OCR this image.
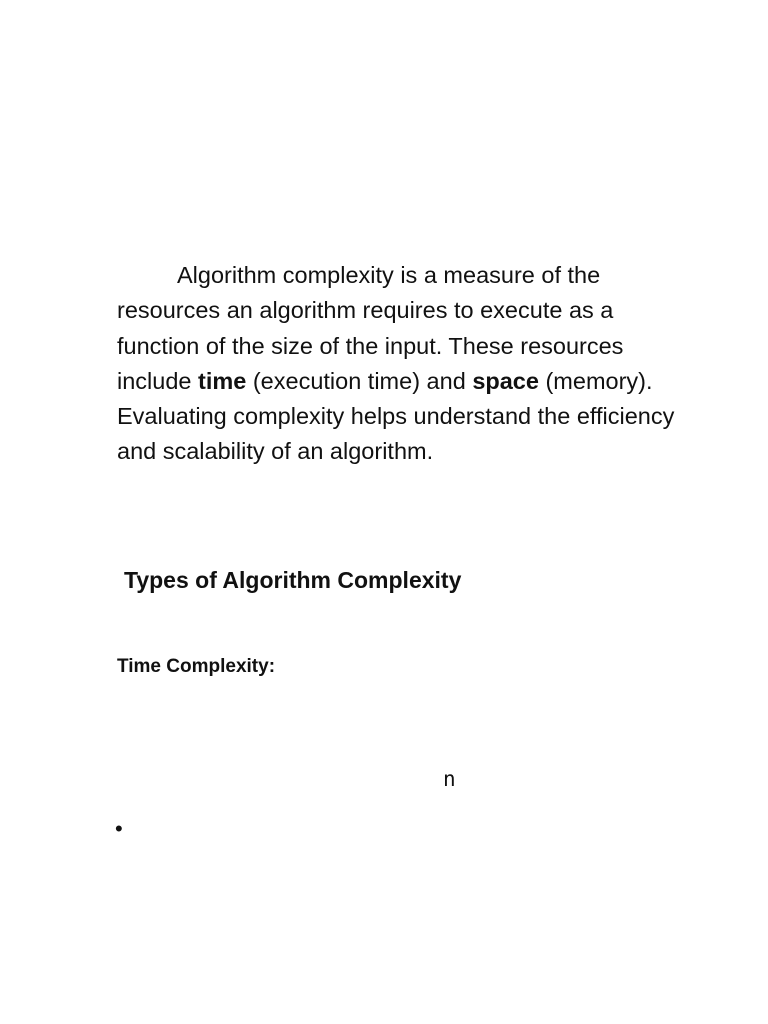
Algorithm complexity is a measure of the resources an algorithm requires to execute as a function of the size of the input. These resources include time (execution time) and space (memory). Evaluating complexity helps understand the efficiency and scalability of an algorithm.

Types of Algorithm Complexity
Time Complexity:
n
•
